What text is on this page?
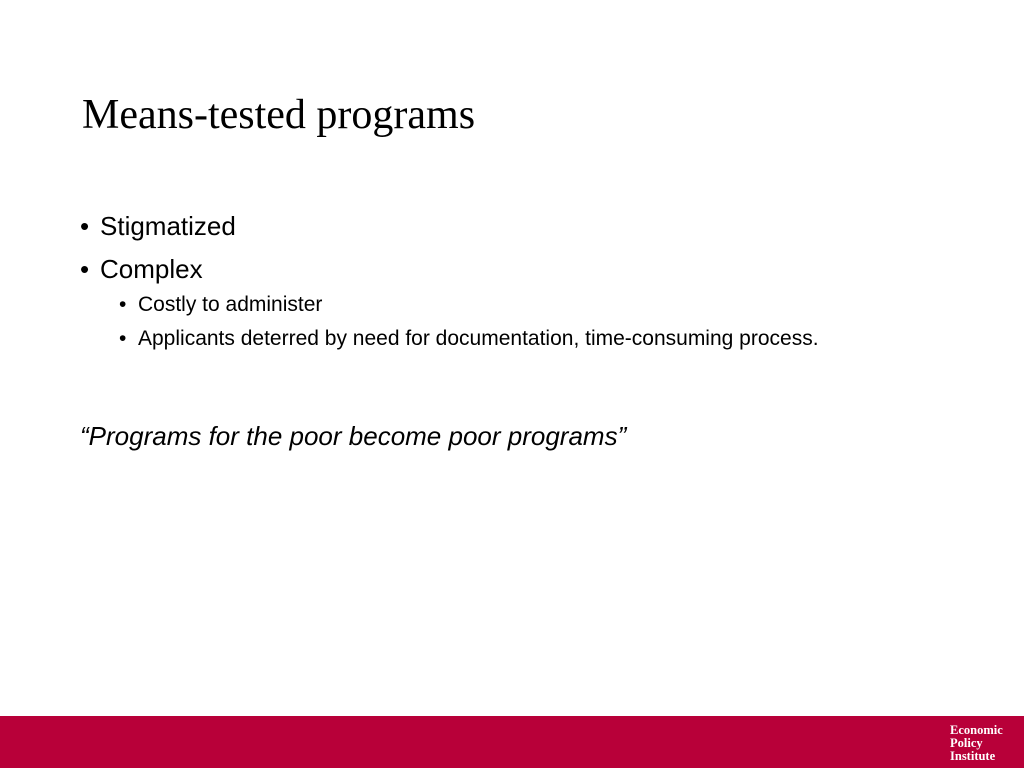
Means-tested programs
• Stigmatized
• Complex
• Costly to administer
• Applicants deterred by need for documentation, time-consuming process.

“Programs for the poor become poor programs”

Economic
Policy
Institute
